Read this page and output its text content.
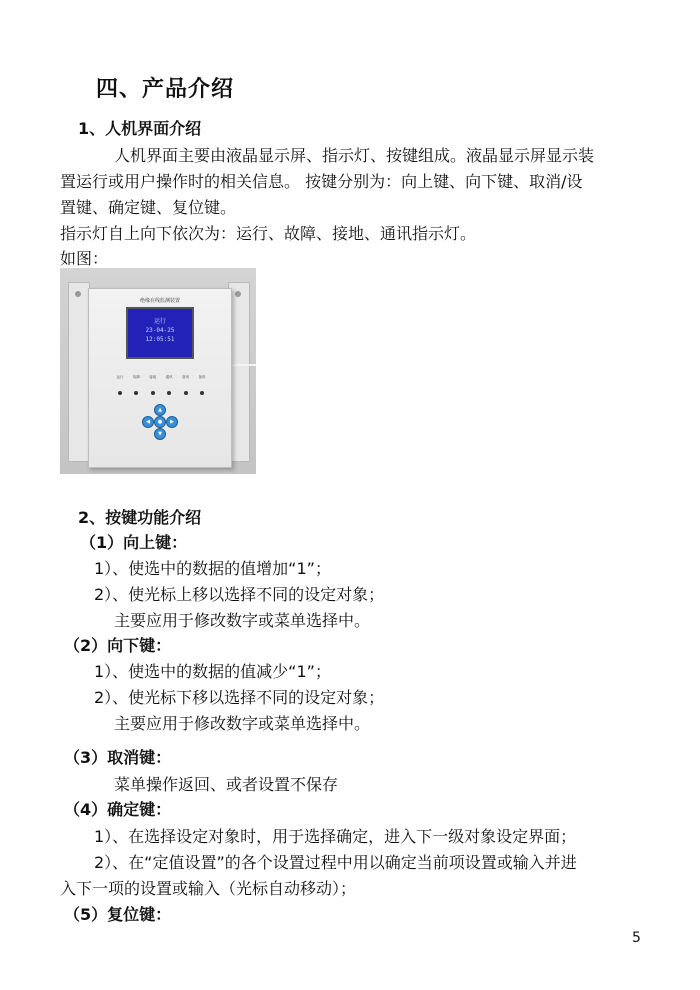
四、产品介绍
1、人机界面介绍
人机界面主要由液晶显示屏、指示灯、按键组成。液晶显示屏显示装
置运行或用户操作时的相关信息。 按键分别为：向上键、向下键、取消/设
置键、确定键、复位键。
指示灯自上向下依次为：运行、故障、接地、通讯指示灯。
如图：
绝缘在线监测装置
运行
23-04-25
12:05:51
运行	故障	接地	通讯	备用	备用
▲
◀	●	▶
▼
2、按键功能介绍
（1）向上键：
1）、使选中的数据的值增加“1”；
2）、使光标上移以选择不同的设定对象；
主要应用于修改数字或菜单选择中。
（2）向下键：
1）、使选中的数据的值减少“1”；
2）、使光标下移以选择不同的设定对象；
主要应用于修改数字或菜单选择中。
（3）取消键：
菜单操作返回、或者设置不保存
（4）确定键：
1）、在选择设定对象时，用于选择确定，进入下一级对象设定界面；
2）、在“定值设置”的各个设置过程中用以确定当前项设置或输入并进
入下一项的设置或输入（光标自动移动）；
（5）复位键：
5
